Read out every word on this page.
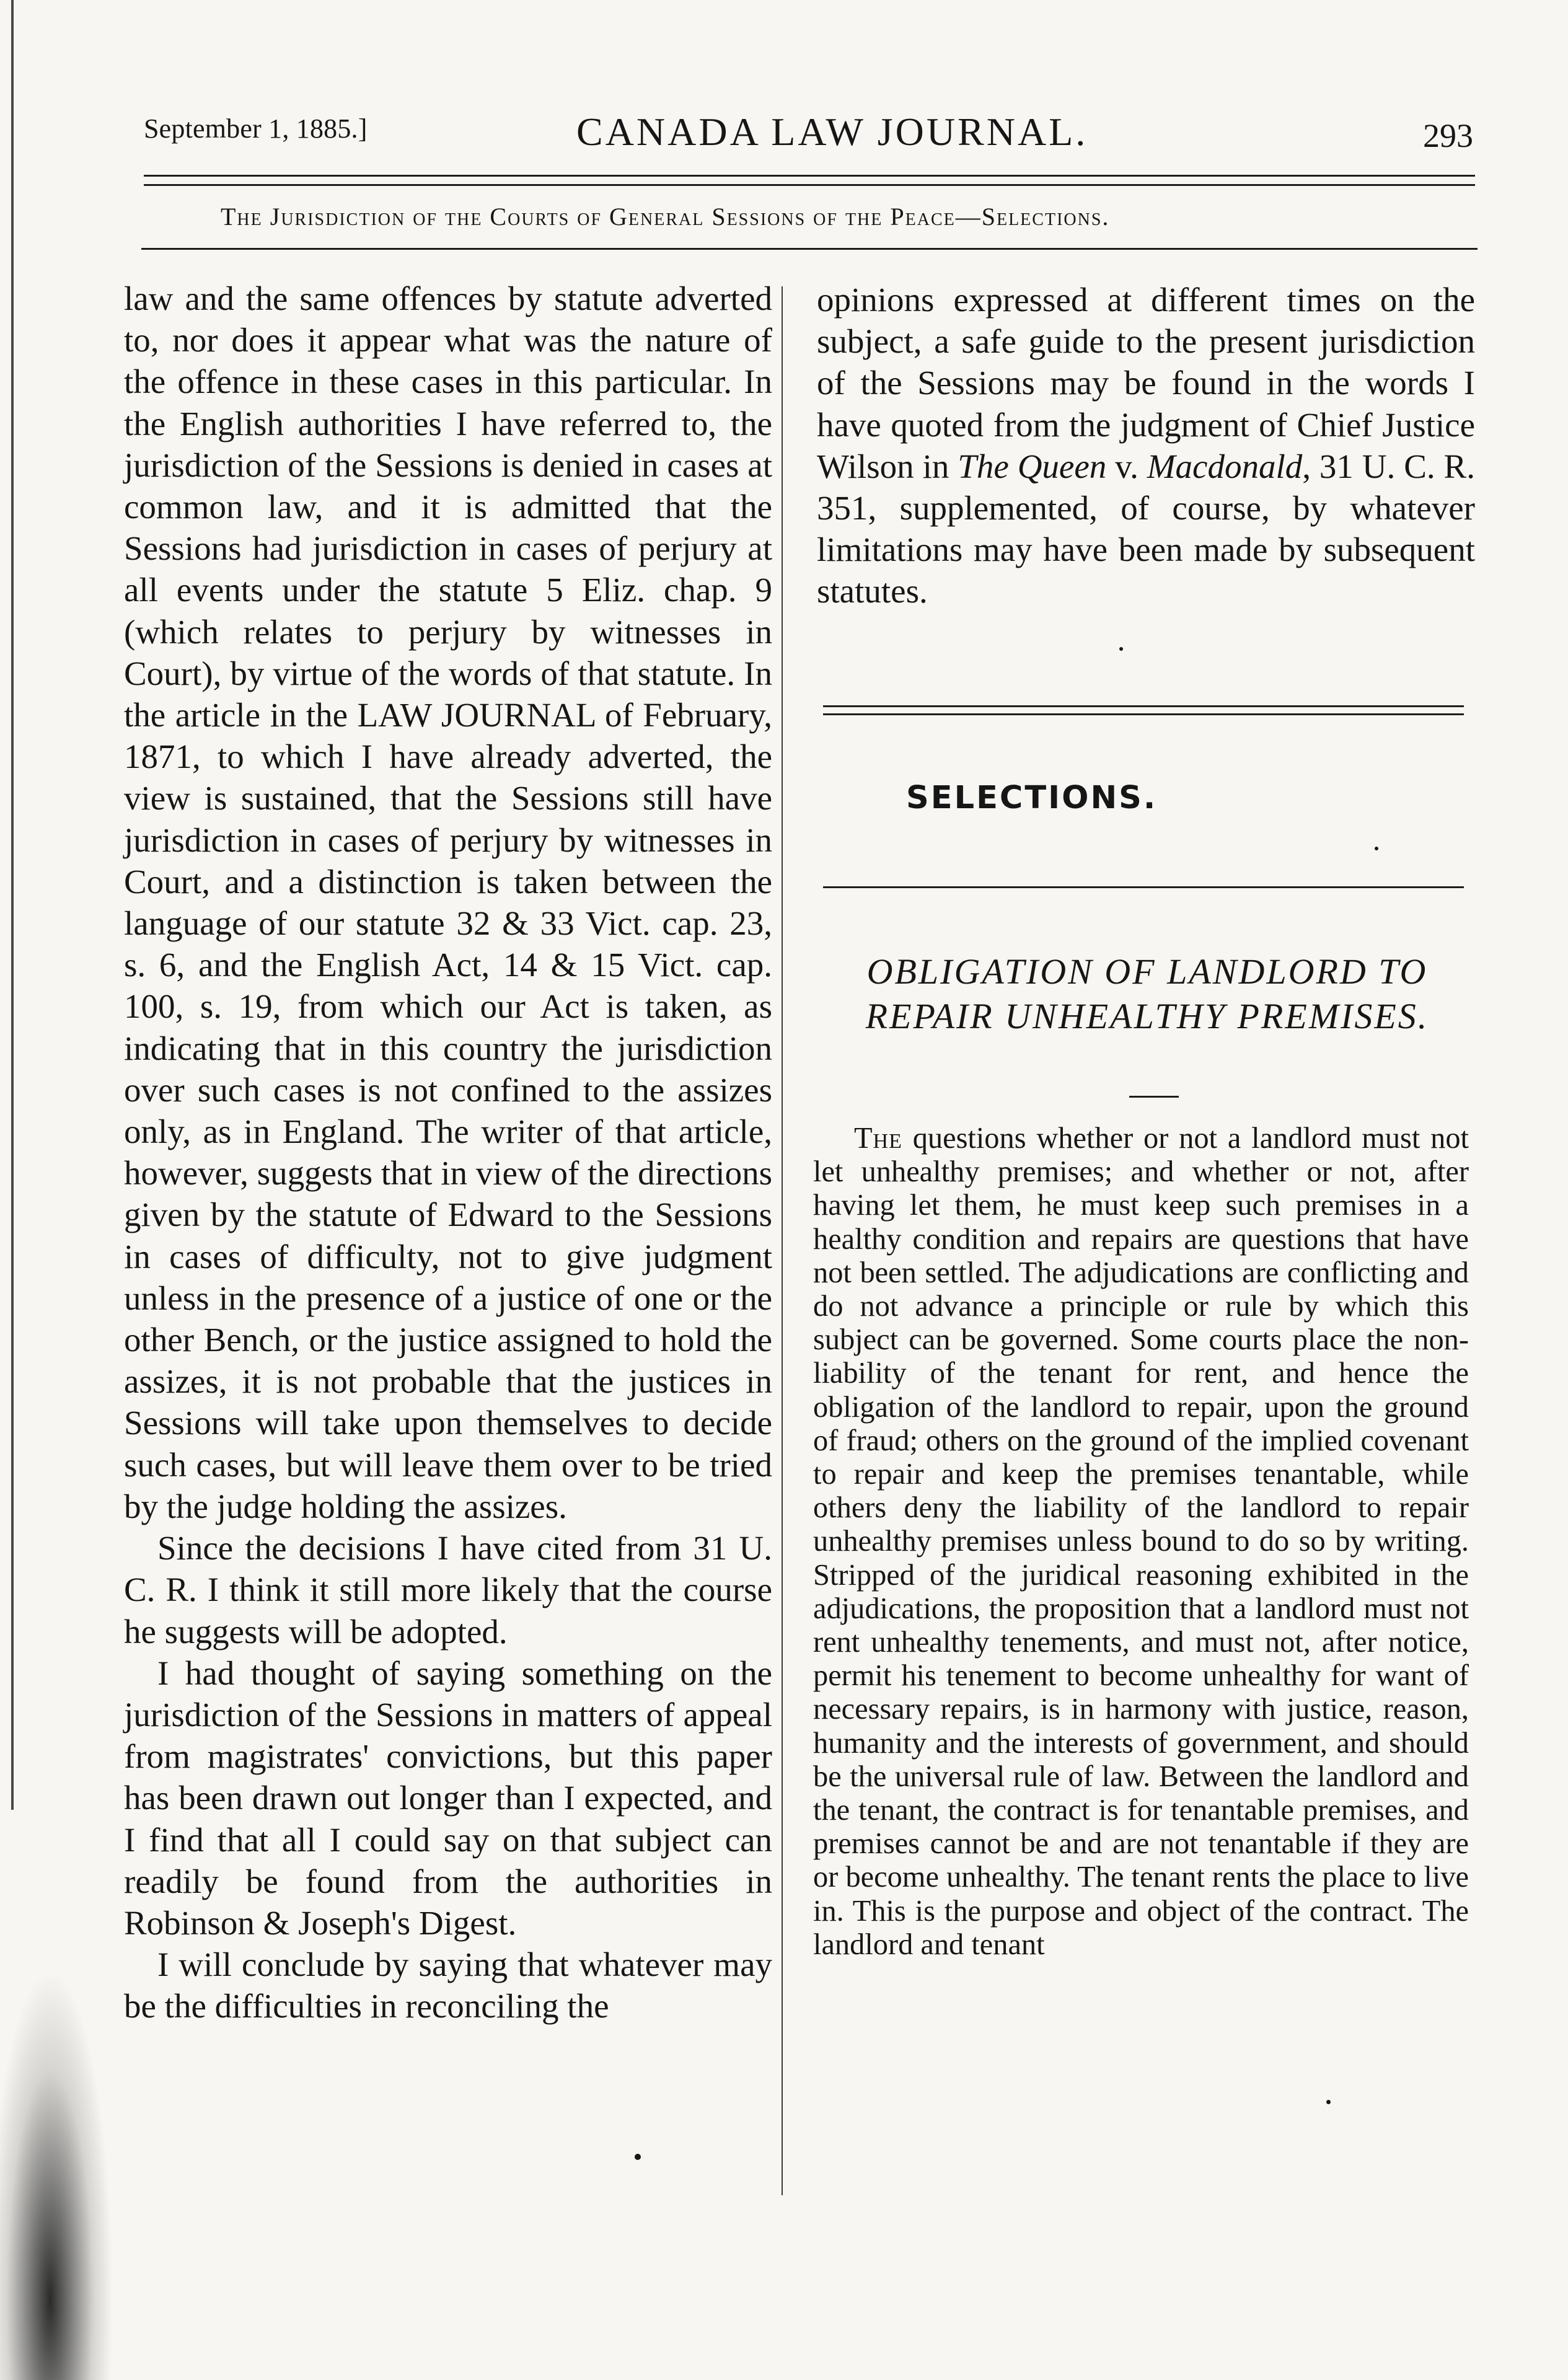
September 1, 1885.]	CANADA LAW JOURNAL.	293
The Jurisdiction of the Courts of General Sessions of the Peace—Selections.

law and the same offences by statute adverted to, nor does it appear what was the nature of the offence in these cases in this particular. In the English authorities I have referred to, the jurisdiction of the Sessions is denied in cases at common law, and it is admitted that the Sessions had jurisdiction in cases of perjury at all events under the statute 5 Eliz. chap. 9 (which relates to perjury by witnesses in Court), by virtue of the words of that statute. In the article in the LAW JOURNAL of February, 1871, to which I have already adverted, the view is sustained, that the Sessions still have jurisdiction in cases of perjury by witnesses in Court, and a distinction is taken between the language of our statute 32 & 33 Vict. cap. 23, s. 6, and the English Act, 14 & 15 Vict. cap. 100, s. 19, from which our Act is taken, as indicating that in this country the jurisdiction over such cases is not confined to the assizes only, as in England. The writer of that article, however, suggests that in view of the directions given by the statute of Edward to the Sessions in cases of difficulty, not to give judgment unless in the presence of a justice of one or the other Bench, or the justice assigned to hold the assizes, it is not probable that the justices in Sessions will take upon themselves to decide such cases, but will leave them over to be tried by the judge holding the assizes.

Since the decisions I have cited from 31 U. C. R. I think it still more likely that the course he suggests will be adopted.

I had thought of saying something on the jurisdiction of the Sessions in matters of appeal from magistrates' convictions, but this paper has been drawn out longer than I expected, and I find that all I could say on that subject can readily be found from the authorities in Robinson & Joseph's Digest.

I will conclude by saying that whatever may be the difficulties in reconciling the

opinions expressed at different times on the subject, a safe guide to the present jurisdiction of the Sessions may be found in the words I have quoted from the judgment of Chief Justice Wilson in The Queen v. Macdonald, 31 U. C. R. 351, supplemented, of course, by whatever limitations may have been made by subsequent statutes.

SELECTIONS.
OBLIGATION OF LANDLORD TO REPAIR UNHEALTHY PREMISES.

The questions whether or not a landlord must not let unhealthy premises; and whether or not, after having let them, he must keep such premises in a healthy condition and repairs are questions that have not been settled. The adjudications are conflicting and do not advance a principle or rule by which this subject can be governed. Some courts place the non-liability of the tenant for rent, and hence the obligation of the landlord to repair, upon the ground of fraud; others on the ground of the implied covenant to repair and keep the premises tenantable, while others deny the liability of the landlord to repair unhealthy premises unless bound to do so by writing. Stripped of the juridical reasoning exhibited in the adjudications, the proposition that a landlord must not rent unhealthy tenements, and must not, after notice, permit his tenement to become unhealthy for want of necessary repairs, is in harmony with justice, reason, humanity and the interests of government, and should be the universal rule of law. Between the landlord and the tenant, the contract is for tenantable premises, and premises cannot be and are not tenantable if they are or become unhealthy. The tenant rents the place to live in. This is the purpose and object of the contract. The landlord and tenant
